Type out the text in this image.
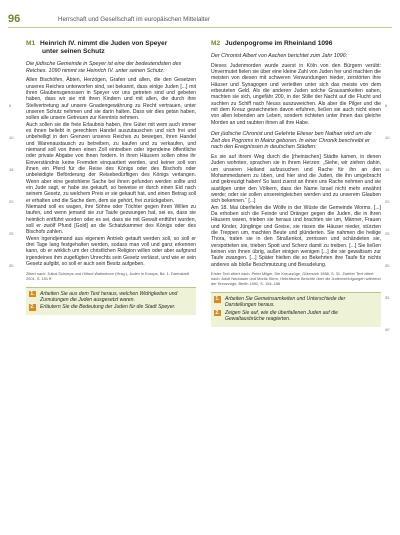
96	Herrschaft und Gesellschaft im europäischen Mittelalter
5
10
15
20
25
30
5
10
15
20
25
30
35
40
M1 Heinrich IV. nimmt die Juden von Speyer
unter seinen Schutz
Die jüdische Gemeinde in Speyer ist eine der bedeutendsten des Reiches. 1090 nimmt sie Heinrich IV. unter seinen Schutz:

Allen Bischöfen, Äbten, Herzögen, Grafen und allen, die den Gesetzen unseres Reiches unterworfen sind, sei bekannt, dass einige Juden [...] mit ihren Glaubensgenossen in Speyer vor uns getreten sind und gebeten haben, dass wir sie mit ihren Kindern und mit allen, die durch ihre Stellvertretung auf unsere Gnadengewährung zu Recht vertrauen, unter unseren Schutz nehmen und sie darin halten. Dass wir dies getan haben, sollen alle unsere Getreuen zur Kenntnis nehmen.

Auch sollen sie die freie Erlaubnis haben, ihre Güter mit wem auch immer es ihnen beliebt in gerechtem Handel auszutauschen und sich frei und unbehelligt in den Grenzen unseres Reiches zu bewegen, ihren Handel und Warenaustausch zu betreiben, zu kaufen und zu verkaufen, und niemand soll von ihnen einen Zoll eintreiben oder irgendeine öffentliche oder private Abgabe von ihnen fordern. In ihren Häusern sollen ohne ihr Einverständnis keine Fremden einquartiert werden, und keiner soll von ihnen ein Pferd für die Reise des Königs oder des Bischofs oder unbeleidigte Beförderung der Reisebedürftigen des Königs verlangen. Wenn aber eine gestohlene Sache bei ihnen gefunden werden sollte und ein Jude sagt, er habe sie gekauft, so beweise er durch einen Eid nach seinem Gesetz, zu welchem Preis er sie gekauft hat, und einen Betrag soll er erhalten und die Sache dem, dem sie gehört, frei zurückgeben.

Niemand soll es wagen, ihre Söhne oder Töchter gegen ihren Willen zu taufen, und wenn jemand sie zur Taufe gezwungen hat, sei es, dass sie heimlich entführt worden oder es sei, dass sie mit Gewalt entführt wurden, soll er zwölf Pfund [Gold] an die Schatzkammer des Königs oder des Bischofs zahlen.

Wenn irgendjemand aus eigenem Antrieb getauft werden soll, so soll er drei Tage lang festgehalten werden, sodass man voll und ganz erkennen kann, ob er wirklich um der christlichen Religion willen oder aber aufgrund irgendeines ihm zugefügten Unrechts sein Gesetz verlässt, und wie er sein Gesetz aufgibt, so soll er auch sein Besitz aufgeben.

Zitiert nach: Julius Schoeps und Hiltrud Wallenborn (Hrsg.), Juden in Europa, Bd. 1, Darmstadt 2001, S. 151 ff.
1. Arbeiten Sie aus dem Text heraus, welchen Widrigkeiten und Zumutungen die Juden ausgesetzt waren.
2. Erläutern Sie die Bedeutung der Juden für die Stadt Speyer.
M2 Judenpogrome im Rheinland 1096
Der Chronist Albert von Aachen berichtet zum Jahr 1096:

Dieses Judenmorden wurde zuerst in Köln von den Bürgern verübt: Unvermutet fielen sie über eine kleine Zahl von Juden her und machten die meisten von diesen mit schweren Verwundungen nieder, zerstörten ihre Häuser und Synagogen und verteilten unter sich das meiste von dem erbeuteten Geld. Als die anderen Juden solche Grausamkeiten sahen, machten sie sich, ungefähr 200, in der Stille der Nacht auf die Flucht und suchten zu Schiff nach Neuss auszuweichen. Als aber die Pilger und die mit dem Kreuz gezeichneten davon erfuhren, ließen sie auch nicht einen von allen lebenden am Leben, sondern richteten unter ihnen das gleiche Morden an und raubten ihnen all ihre Habe.

Der jüdische Chronist und Gelehrte Elieser ben Nathan wird um die Zeit des Pogroms in Mainz geboren. In einer Chronik beschreibt er nach den Ereignissen in deutschen Städten:

Es sie auf ihrem Weg durch die [rheinischen] Städte kamen, in denen Juden wohnten, sprachen sie in ihrem Herzen: „Siehe, wir ziehen dahin, um unseren Heiland aufzusuchen und Rache für ihn an den Mohammedanern zu üben, und hier sind die Juden, die ihn umgebracht und gekreuzigt haben! So lasst zuerst an ihnen uns Rache nehmen und sie austilgen unter den Völkern, dass der Name Israel nicht mehr erwähnt werde; oder sie sollen unsereingleichen werden und zu unserem Glauben sich bekennen.“ [...]

Am 18. Mai überfielen die Wölfe in der Wüste die Gemeinde Worms. [...] Da erhoben sich die Feinde und Dränger gegen die Juden, die in ihren Häusern waren, trieben sie heraus und brachten sie um, Männer, Frauen und Kinder, Jünglinge und Greise, sie rissen die Häuser nieder, stürzten die Treppen um, machten Beute und plünderten. Sie nahmen die heilige Thora, traten sie in den Straßenkot, zerrissen und schändeten sie, verspotteten sie, trieben Spott und Scherz damit zu treiben. [...] Sie ließen keinen von ihnen übrig, außer einigen wenigen [...] die sie gewaltsam zur Taufe zwangen. [...] Später hielten die so Bekehrten ihre Taufe für nichts anderes als bloße Beschmutzung und Besudelung.

Erster Text zitiert nach: Peter Milger, Die Kreuzzüge, Gütersloh 1988, S. 31. Zweiter Text zitiert nach: Adolf Neubauer und Moritz Stern, Hebräische Berichte über die Judenverfolgungen während der Kreuzzüge, Berlin 1892, S. 154–156
1. Arbeiten Sie Gemeinsamkeiten und Unterschiede der Darstellungen heraus.
2. Zeigen Sie auf, wie die überfallenen Juden auf die Gewaltausbrüche reagierten.
